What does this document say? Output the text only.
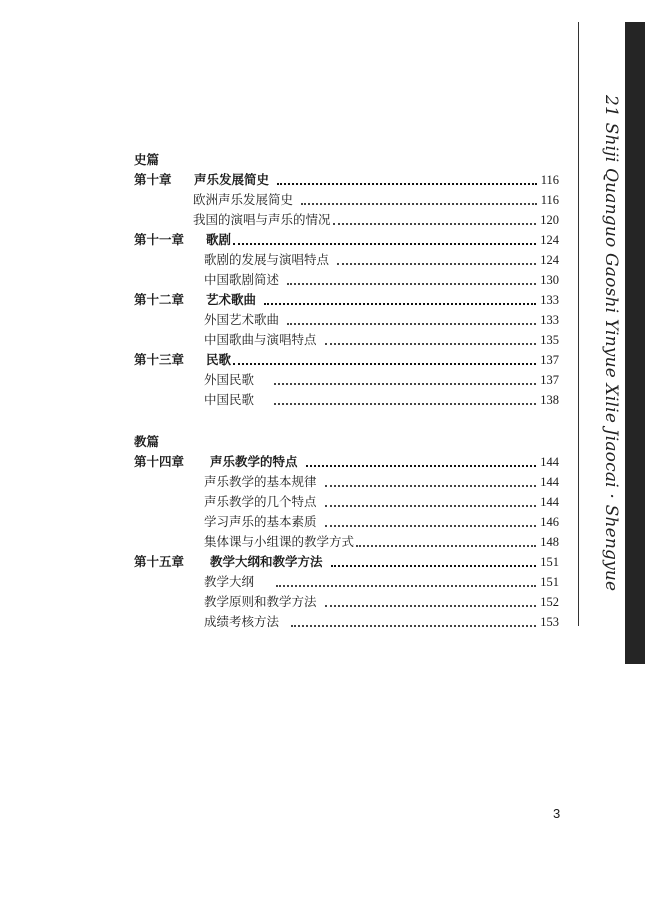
史篇
第十章 声乐发展简史	116
欧洲声乐发展简史	116
我国的演唱与声乐的情况	120
第十一章 歌剧	124
歌剧的发展与演唱特点	124
中国歌剧简述	130
第十二章 艺术歌曲	133
外国艺术歌曲	133
中国歌曲与演唱特点	135
第十三章 民歌	137
外国民歌	137
中国民歌	138
教篇
第十四章 声乐教学的特点	144
声乐教学的基本规律	144
声乐教学的几个特点	144
学习声乐的基本素质	146
集体课与小组课的教学方式	148
第十五章 教学大纲和教学方法	151
教学大纲	151
教学原则和教学方法	152
成绩考核方法	153
21 Shiji Quanguo Gaoshi Yinyue Xilie Jiaocai · Shengyue
3
